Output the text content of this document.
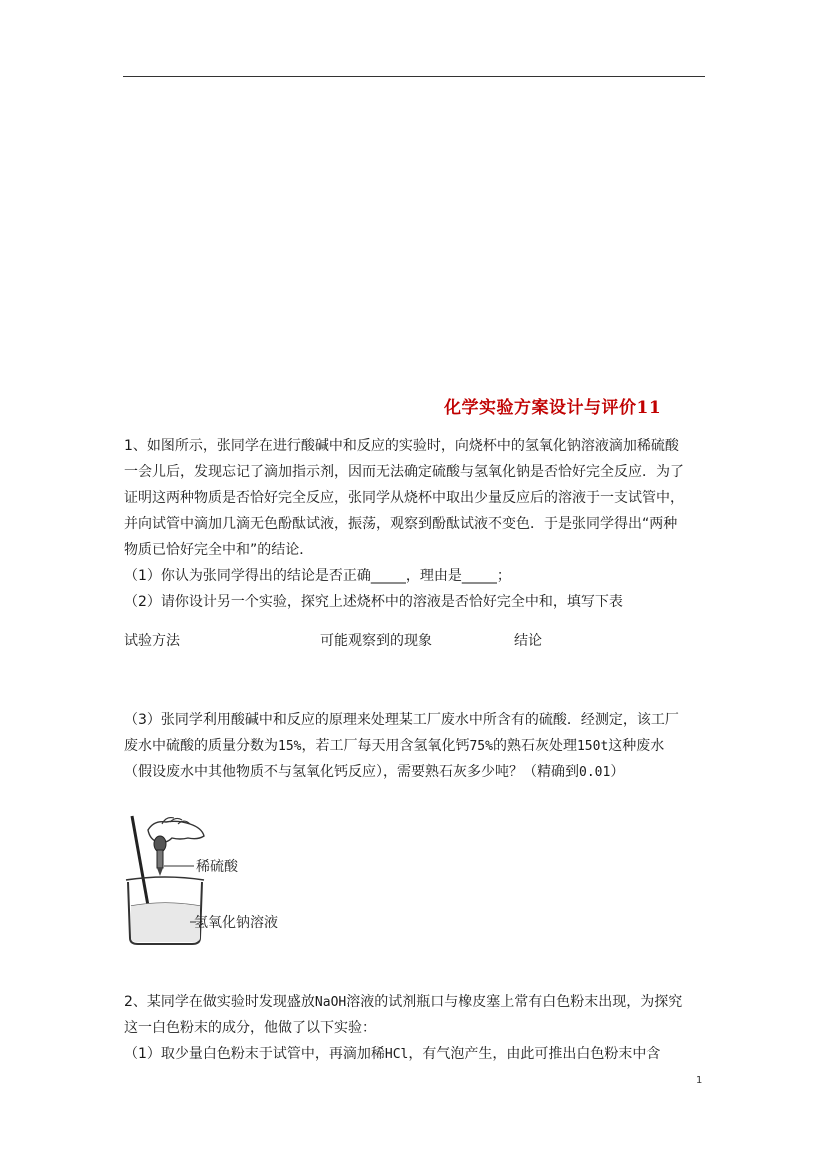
化学实验方案设计与评价11
1、如图所示，张同学在进行酸碱中和反应的实验时，向烧杯中的氢氧化钠溶液滴加稀硫酸
一会儿后，发现忘记了滴加指示剂，因而无法确定硫酸与氢氧化钠是否恰好完全反应．为了
证明这两种物质是否恰好完全反应，张同学从烧杯中取出少量反应后的溶液于一支试管中，
并向试管中滴加几滴无色酚酞试液，振荡，观察到酚酞试液不变色．于是张同学得出“两种
物质已恰好完全中和”的结论．
（1）你认为张同学得出的结论是否正确_____，理由是_____；
（2）请你设计另一个实验，探究上述烧杯中的溶液是否恰好完全中和，填写下表
试验方法	可能观察到的现象	结论
（3）张同学利用酸碱中和反应的原理来处理某工厂废水中所含有的硫酸．经测定，该工厂
废水中硫酸的质量分数为15%，若工厂每天用含氢氧化钙75%的熟石灰处理150t这种废水
（假设废水中其他物质不与氢氧化钙反应），需要熟石灰多少吨？（精确到0.01）
稀硫酸
氢氧化钠溶液
2、某同学在做实验时发现盛放NaOH溶液的试剂瓶口与橡皮塞上常有白色粉末出现，为探究
这一白色粉末的成分，他做了以下实验：
（1）取少量白色粉末于试管中，再滴加稀HCl，有气泡产生，由此可推出白色粉末中含
1
